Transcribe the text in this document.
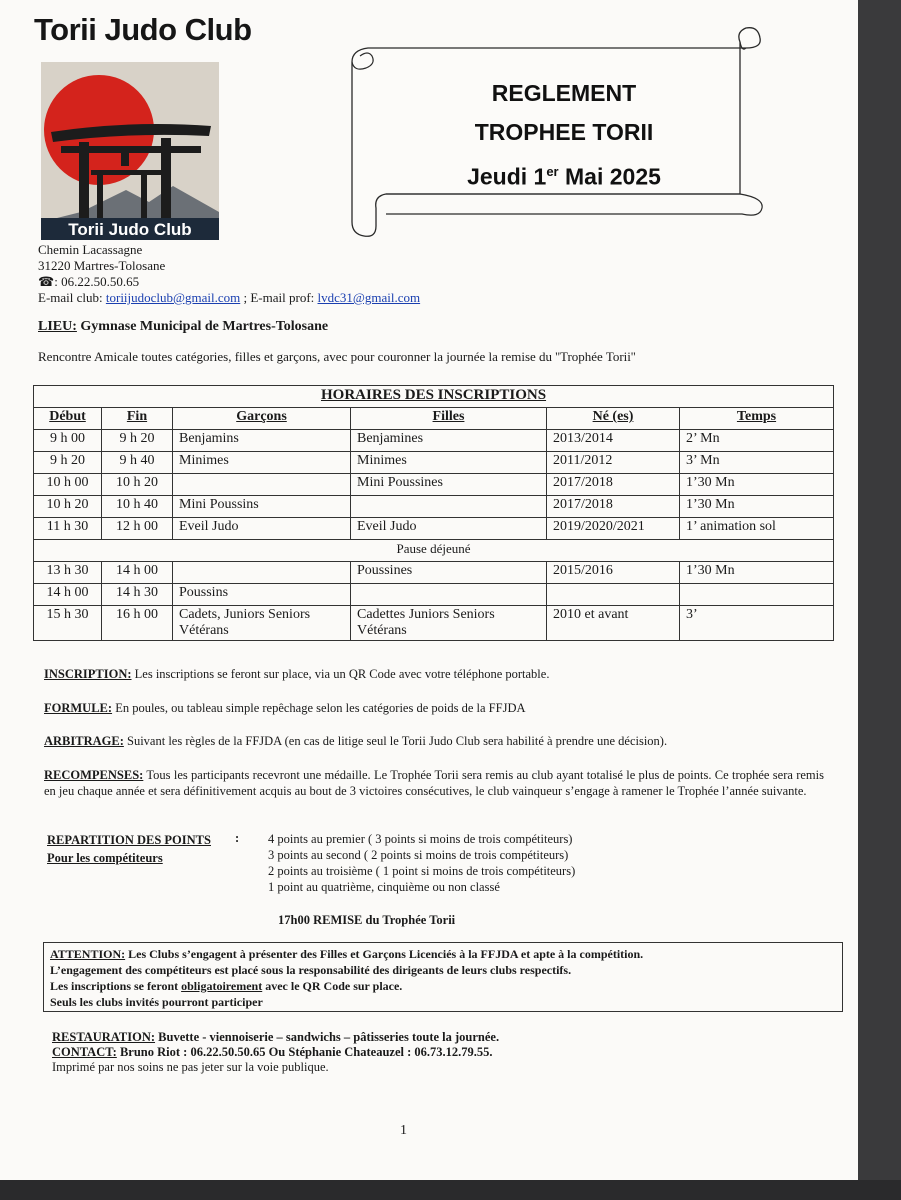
Torii Judo Club
Torii Judo Club
REGLEMENT
TROPHEE TORII
Jeudi 1er Mai 2025
Chemin Lacassagne
31220 Martres-Tolosane
☎: 06.22.50.50.65
E-mail club: toriijudoclub@gmail.com ; E-mail prof: lvdc31@gmail.com
LIEU: Gymnase Municipal de Martres-Tolosane
Rencontre Amicale toutes catégories, filles et garçons, avec pour couronner la journée la remise du ''Trophée Torii''
HORAIRES DES INSCRIPTIONS					
Début	Fin	Garçons	Filles	Né (es)	Temps
9 h 00	9 h 20	Benjamins	Benjamines	2013/2014	2’ Mn
9 h 20	9 h 40	Minimes	Minimes	2011/2012	3’ Mn
10 h 00	10 h 20		Mini Poussines	2017/2018	1’30 Mn
10 h 20	10 h 40	Mini Poussins		2017/2018	1’30 Mn
11 h 30	12 h 00	Eveil Judo	Eveil Judo	2019/2020/2021	1’ animation sol
Pause déjeuné					
13 h 30	14 h 00		Poussines	2015/2016	1’30 Mn
14 h 00	14 h 30	Poussins			
15 h 30	16 h 00	Cadets, Juniors Seniors Vétérans	Cadettes Juniors Seniors Vétérans	2010 et avant	3’
INSCRIPTION: Les inscriptions se feront sur place, via un QR Code avec votre téléphone portable.
FORMULE: En poules, ou tableau simple repêchage selon les catégories de poids de la FFJDA
ARBITRAGE: Suivant les règles de la FFJDA (en cas de litige seul le Torii Judo Club sera habilité à prendre une décision).
RECOMPENSES: Tous les participants recevront une médaille. Le Trophée Torii sera remis au club ayant totalisé le plus de points. Ce trophée sera remis en jeu chaque année et sera définitivement acquis au bout de 3 victoires consécutives, le club vainqueur s’engage à ramener le Trophée l’année suivante.
REPARTITION DES POINTS
Pour les compétiteurs
: 4 points au premier ( 3 points si moins de trois compétiteurs)
3 points au second ( 2 points si moins de trois compétiteurs)
2 points au troisième ( 1 point si moins de trois compétiteurs)
1 point au quatrième, cinquième ou non classé
17h00 REMISE du Trophée Torii
ATTENTION: Les Clubs s’engagent à présenter des Filles et Garçons Licenciés à la FFJDA et apte à la compétition.
L’engagement des compétiteurs est placé sous la responsabilité des dirigeants de leurs clubs respectifs.
Les inscriptions se feront obligatoirement avec le QR Code sur place.
Seuls les clubs invités pourront participer
RESTAURATION: Buvette - viennoiserie – sandwichs – pâtisseries toute la journée.
CONTACT: Bruno Riot : 06.22.50.50.65 Ou Stéphanie Chateauzel : 06.73.12.79.55.
Imprimé par nos soins ne pas jeter sur la voie publique.
1
